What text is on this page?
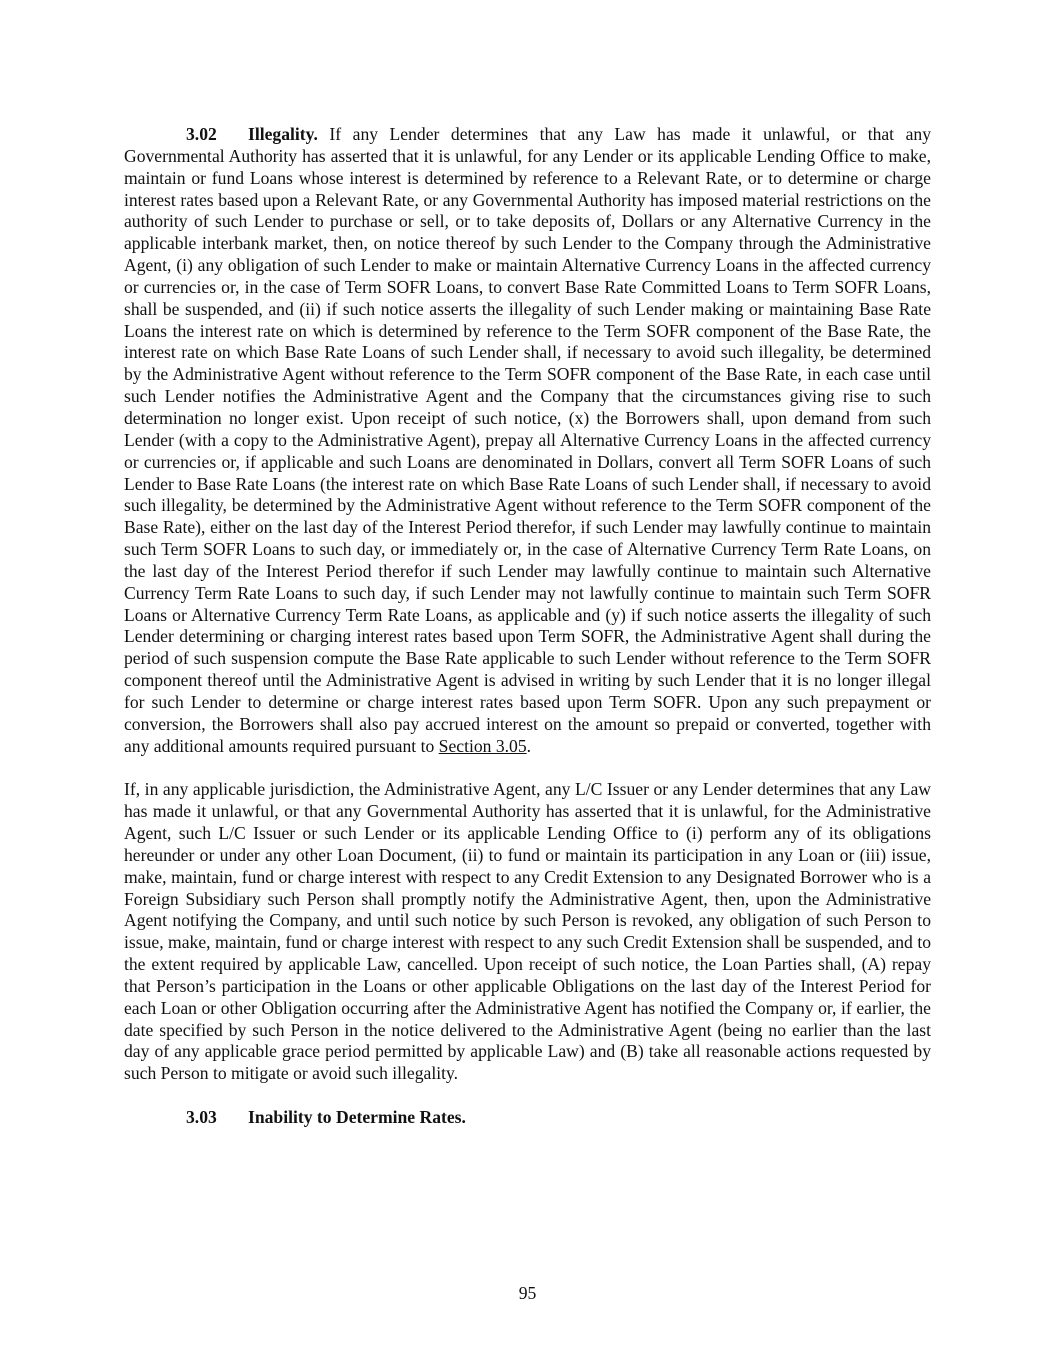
3.02 Illegality. If any Lender determines that any Law has made it unlawful, or that any Governmental Authority has asserted that it is unlawful, for any Lender or its applicable Lending Office to make, maintain or fund Loans whose interest is determined by reference to a Relevant Rate, or to determine or charge interest rates based upon a Relevant Rate, or any Governmental Authority has imposed material restrictions on the authority of such Lender to purchase or sell, or to take deposits of, Dollars or any Alternative Currency in the applicable interbank market, then, on notice thereof by such Lender to the Company through the Administrative Agent, (i) any obligation of such Lender to make or maintain Alternative Currency Loans in the affected currency or currencies or, in the case of Term SOFR Loans, to convert Base Rate Committed Loans to Term SOFR Loans, shall be suspended, and (ii) if such notice asserts the illegality of such Lender making or maintaining Base Rate Loans the interest rate on which is determined by reference to the Term SOFR component of the Base Rate, the interest rate on which Base Rate Loans of such Lender shall, if necessary to avoid such illegality, be determined by the Administrative Agent without reference to the Term SOFR component of the Base Rate, in each case until such Lender notifies the Administrative Agent and the Company that the circumstances giving rise to such determination no longer exist. Upon receipt of such notice, (x) the Borrowers shall, upon demand from such Lender (with a copy to the Administrative Agent), prepay all Alternative Currency Loans in the affected currency or currencies or, if applicable and such Loans are denominated in Dollars, convert all Term SOFR Loans of such Lender to Base Rate Loans (the interest rate on which Base Rate Loans of such Lender shall, if necessary to avoid such illegality, be determined by the Administrative Agent without reference to the Term SOFR component of the Base Rate), either on the last day of the Interest Period therefor, if such Lender may lawfully continue to maintain such Term SOFR Loans to such day, or immediately or, in the case of Alternative Currency Term Rate Loans, on the last day of the Interest Period therefor if such Lender may lawfully continue to maintain such Alternative Currency Term Rate Loans to such day, if such Lender may not lawfully continue to maintain such Term SOFR Loans or Alternative Currency Term Rate Loans, as applicable and (y) if such notice asserts the illegality of such Lender determining or charging interest rates based upon Term SOFR, the Administrative Agent shall during the period of such suspension compute the Base Rate applicable to such Lender without reference to the Term SOFR component thereof until the Administrative Agent is advised in writing by such Lender that it is no longer illegal for such Lender to determine or charge interest rates based upon Term SOFR. Upon any such prepayment or conversion, the Borrowers shall also pay accrued interest on the amount so prepaid or converted, together with any additional amounts required pursuant to Section 3.05.

If, in any applicable jurisdiction, the Administrative Agent, any L/C Issuer or any Lender determines that any Law has made it unlawful, or that any Governmental Authority has asserted that it is unlawful, for the Administrative Agent, such L/C Issuer or such Lender or its applicable Lending Office to (i) perform any of its obligations hereunder or under any other Loan Document, (ii) to fund or maintain its participation in any Loan or (iii) issue, make, maintain, fund or charge interest with respect to any Credit Extension to any Designated Borrower who is a Foreign Subsidiary such Person shall promptly notify the Administrative Agent, then, upon the Administrative Agent notifying the Company, and until such notice by such Person is revoked, any obligation of such Person to issue, make, maintain, fund or charge interest with respect to any such Credit Extension shall be suspended, and to the extent required by applicable Law, cancelled. Upon receipt of such notice, the Loan Parties shall, (A) repay that Person’s participation in the Loans or other applicable Obligations on the last day of the Interest Period for each Loan or other Obligation occurring after the Administrative Agent has notified the Company or, if earlier, the date specified by such Person in the notice delivered to the Administrative Agent (being no earlier than the last day of any applicable grace period permitted by applicable Law) and (B) take all reasonable actions requested by such Person to mitigate or avoid such illegality.

3.03 Inability to Determine Rates.

95
